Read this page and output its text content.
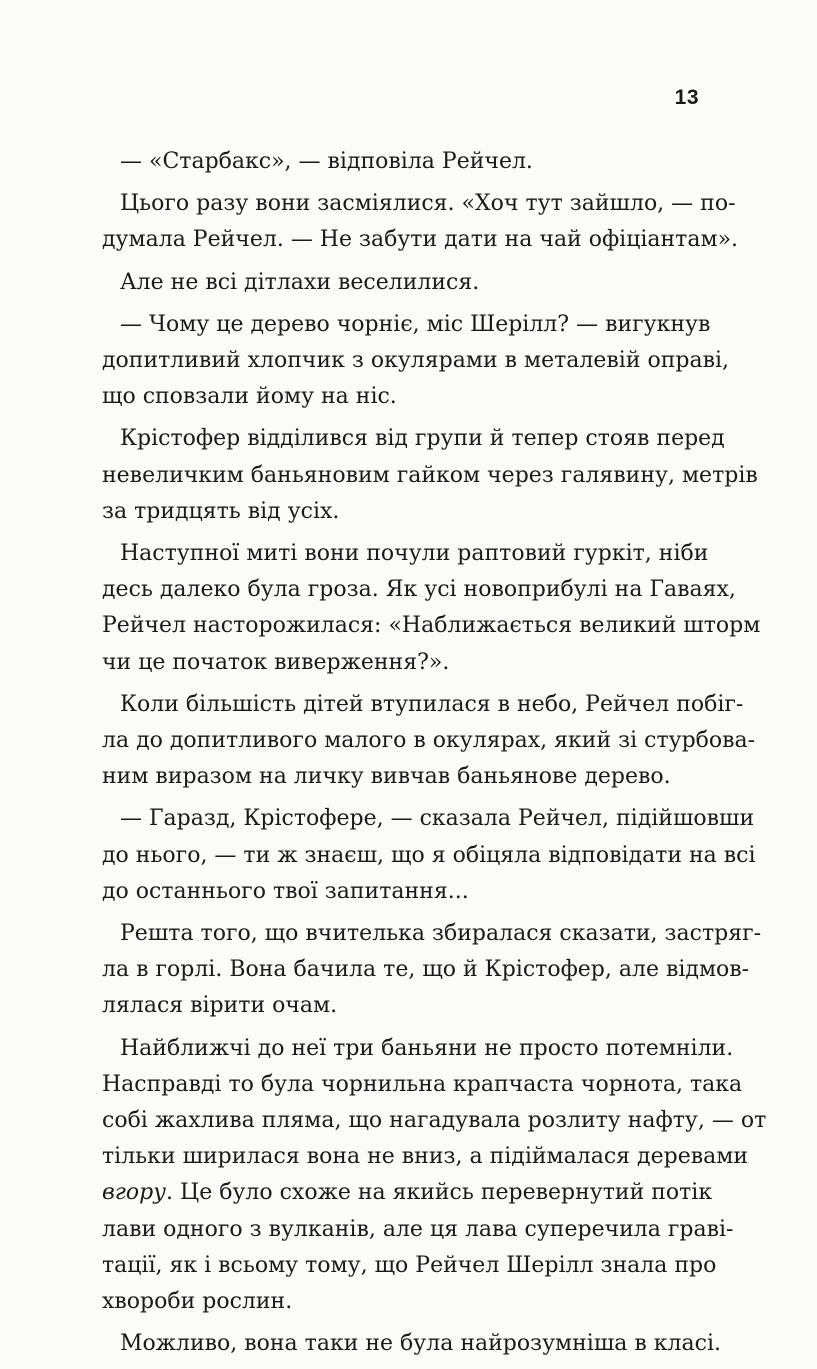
13

— «Старбакс», — відповіла Рейчел.

Цього разу вони засміялися. «Хоч тут зайшло, — по-
думала Рейчел. — Не забути дати на чай офіціантам».

Але не всі дітлахи веселилися.

— Чому це дерево чорніє, міс Шерілл? — вигукнув
допитливий хлопчик з окулярами в металевій оправі,
що сповзали йому на ніс.

Крістофер відділився від групи й тепер стояв перед
невеличким баньяновим гайком через галявину, метрів
за тридцять від усіх.

Наступної миті вони почули раптовий гуркіт, ніби
десь далеко була гроза. Як усі новоприбулі на Гаваях,
Рейчел насторожилася: «Наближається великий шторм
чи це початок виверження?».

Коли більшість дітей втупилася в небо, Рейчел побіг-
ла до допитливого малого в окулярах, який зі стурбова-
ним виразом на личку вивчав баньянове дерево.

— Гаразд, Крістофере, — сказала Рейчел, підійшовши
до нього, — ти ж знаєш, що я обіцяла відповідати на всі
до останнього твої запитання...

Решта того, що вчителька збиралася сказати, застряг-
ла в горлі. Вона бачила те, що й Крістофер, але відмов-
лялася вірити очам.

Найближчі до неї три баньяни не просто потемніли.
Насправді то була чорнильна крапчаста чорнота, така
собі жахлива пляма, що нагадувала розлиту нафту, — от
тільки ширилася вона не вниз, а підіймалася деревами

вгору. Це було схоже на якийсь перевернутий потік
лави одного з вулканів, але ця лава суперечила граві-
тації, як і всьому тому, що Рейчел Шерілл знала про
хвороби рослин.

Можливо, вона таки не була найрозумніша в класі.
